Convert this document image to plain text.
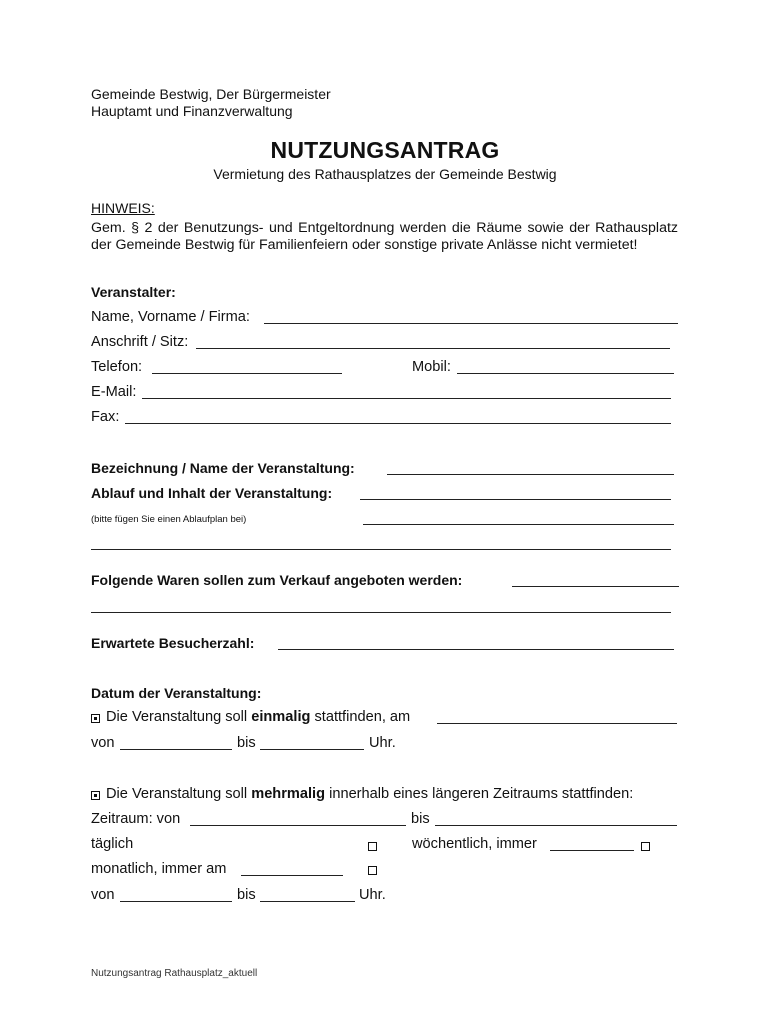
Gemeinde Bestwig, Der Bürgermeister
Hauptamt und Finanzverwaltung
NUTZUNGSANTRAG
Vermietung des Rathausplatzes der Gemeinde Bestwig
HINWEIS:
Gem. § 2 der Benutzungs- und Entgeltordnung werden die Räume sowie der Rathausplatz der Gemeinde Bestwig für Familienfeiern oder sonstige private Anlässe nicht vermietet!
Veranstalter:
Name, Vorname / Firma:
Anschrift / Sitz:
Telefon:	Mobil:
E-Mail:
Fax:
Bezeichnung / Name der Veranstaltung:
Ablauf und Inhalt der Veranstaltung:
(bitte fügen Sie einen Ablaufplan bei)
Folgende Waren sollen zum Verkauf angeboten werden:
Erwartete Besucherzahl:
Datum der Veranstaltung:
Die Veranstaltung soll einmalig stattfinden, am
von	bis	Uhr.
Die Veranstaltung soll mehrmalig innerhalb eines längeren Zeitraums stattfinden:
Zeitraum: von	bis
täglich	wöchentlich, immer
monatlich, immer am
von	bis	Uhr.
Nutzungsantrag Rathausplatz_aktuell
